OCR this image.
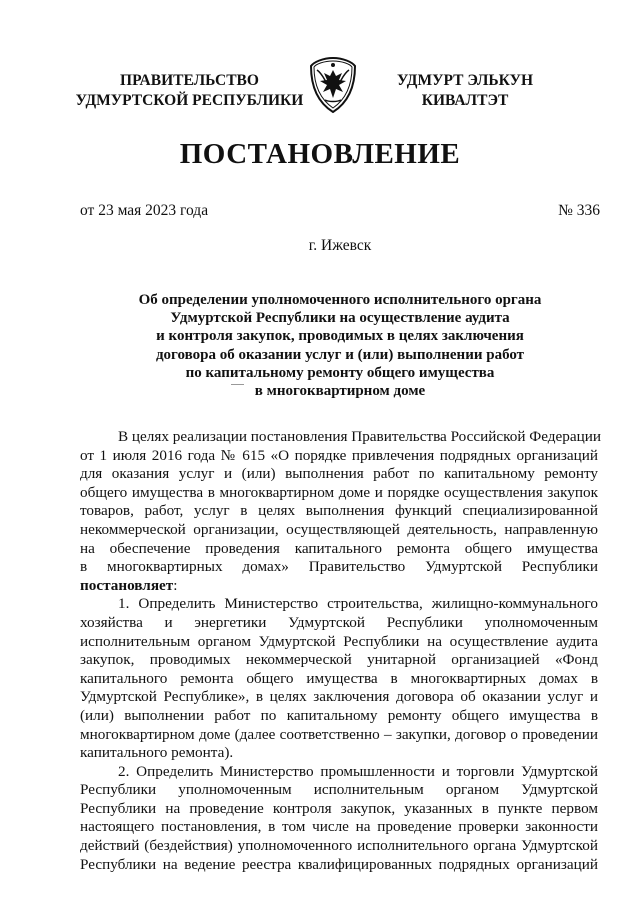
ПРАВИТЕЛЬСТВО
УДМУРТСКОЙ РЕСПУБЛИКИ
УДМУРТ ЭЛЬКУН
КИВАЛТЭТ
ПОСТАНОВЛЕНИЕ
от 23 мая 2023 года	№ 336
г. Ижевск
Об определении уполномоченного исполнительного органа
Удмуртской Республики на осуществление аудита
и контроля закупок, проводимых в целях заключения
договора об оказании услуг и (или) выполнении работ
по капитальному ремонту общего имущества
в многоквартирном доме

В целях реализации постановления Правительства Российской Федерации
от 1 июля 2016 года № 615 «О порядке привлечения подрядных организаций
для оказания услуг и (или) выполнения работ по капитальному ремонту
общего имущества в многоквартирном доме и порядке осуществления закупок
товаров, работ, услуг в целях выполнения функций специализированной
некоммерческой организации, осуществляющей деятельность, направленную
на обеспечение проведения капитального ремонта общего имущества
в многоквартирных домах» Правительство Удмуртской Республики
постановляет:

1. Определить Министерство строительства, жилищно-коммунального
хозяйства и энергетики Удмуртской Республики уполномоченным
исполнительным органом Удмуртской Республики на осуществление аудита
закупок, проводимых некоммерческой унитарной организацией «Фонд
капитального ремонта общего имущества в многоквартирных домах в
Удмуртской Республике», в целях заключения договора об оказании услуг и
(или) выполнении работ по капитальному ремонту общего имущества в
многоквартирном доме (далее соответственно – закупки, договор о проведении
капитального ремонта).

2. Определить Министерство промышленности и торговли Удмуртской
Республики уполномоченным исполнительным органом Удмуртской
Республики на проведение контроля закупок, указанных в пункте первом
настоящего постановления, в том числе на проведение проверки законности
действий (бездействия) уполномоченного исполнительного органа Удмуртской
Республики на ведение реестра квалифицированных подрядных организаций
